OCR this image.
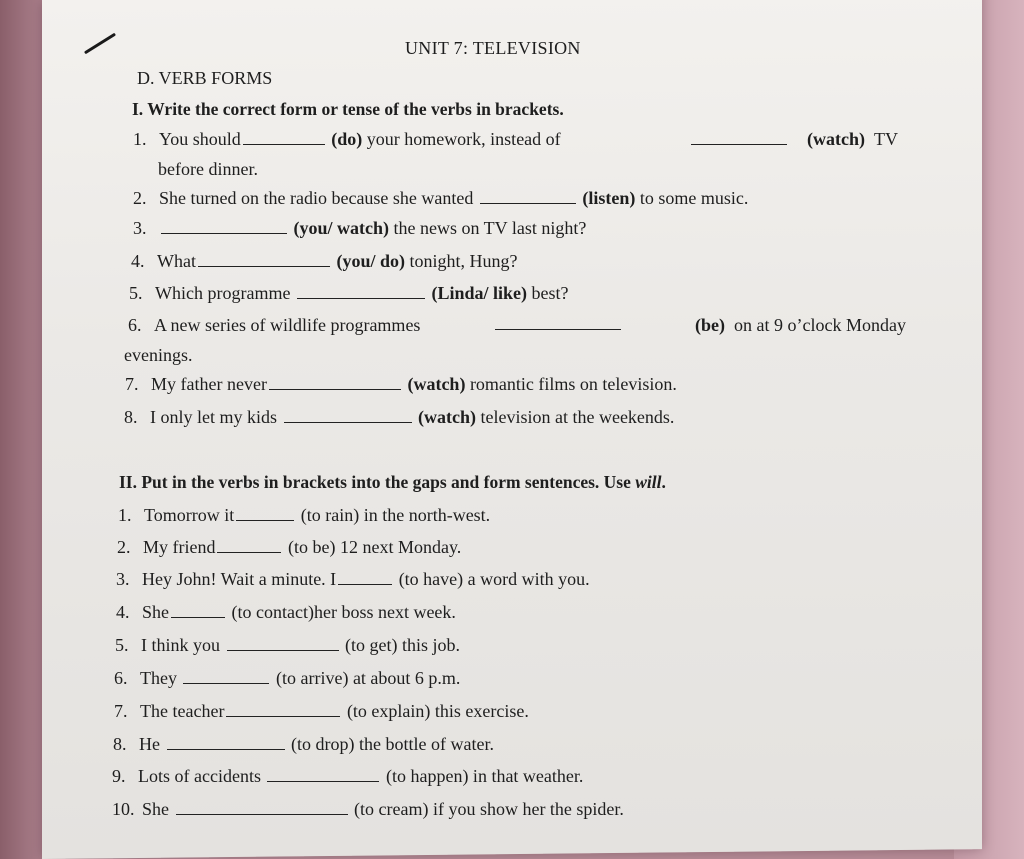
UNIT 7: TELEVISION
D. VERB FORMS
I. Write the correct form or tense of the verbs in brackets.
1. You should	(do) your homework, instead of	(watch) TV
before dinner.
2. She turned on the radio because she wanted	(listen) to some music.
3.	(you/ watch) the news on TV last night?
4. What	(you/ do) tonight, Hung?
5. Which programme	(Linda/ like) best?
6. A new series of wildlife programmes	(be) on at 9 o’clock Monday
evenings.
7. My father never	(watch) romantic films on television.
8. I only let my kids	(watch) television at the weekends.
II. Put in the verbs in brackets into the gaps and form sentences. Use will.
1. Tomorrow it	(to rain) in the north-west.
2. My friend	(to be) 12 next Monday.
3. Hey John! Wait a minute. I	(to have) a word with you.
4. She	(to contact)her boss next week.
5. I think you	(to get) this job.
6. They	(to arrive) at about 6 p.m.
7. The teacher	(to explain) this exercise.
8. He	(to drop) the bottle of water.
9. Lots of accidents	(to happen) in that weather.
10. She	(to cream) if you show her the spider.
